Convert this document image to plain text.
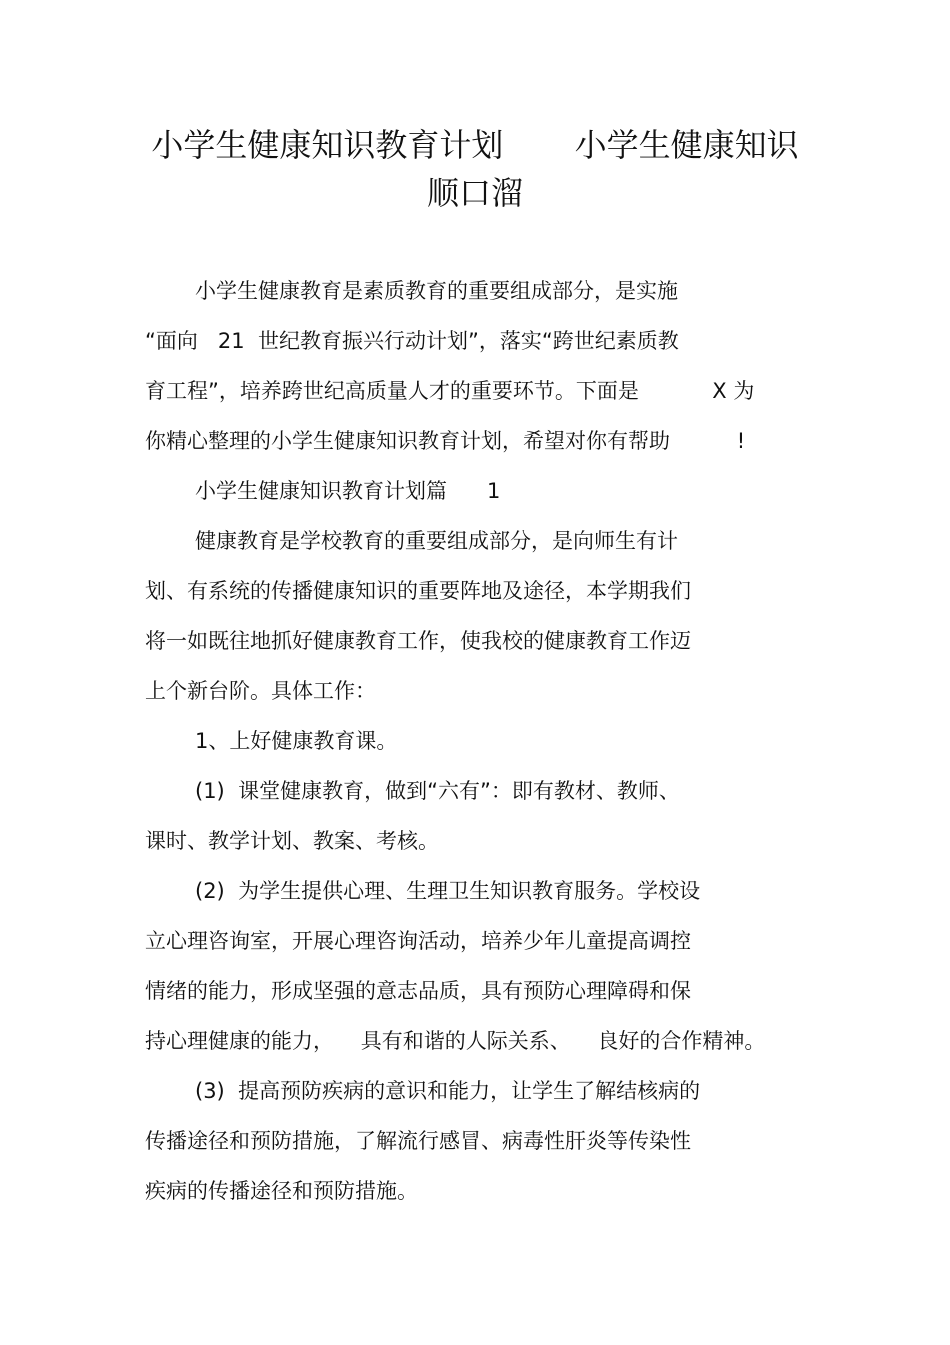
小学生健康知识教育计划       小学生健康知识
顺口溜

小学生健康教育是素质教育的重要组成部分，是实施

“面向   21  世纪教育振兴行动计划”，落实“跨世纪素质教

育工程”，培养跨世纪高质量人才的重要环节。下面是           X 为

你精心整理的小学生健康知识教育计划，希望对你有帮助          !

小学生健康知识教育计划篇      1

健康教育是学校教育的重要组成部分，是向师生有计

划、有系统的传播健康知识的重要阵地及途径，本学期我们

将一如既往地抓好健康教育工作，使我校的健康教育工作迈

上个新台阶。具体工作：

1、上好健康教育课。

(1)  课堂健康教育，做到“六有”：即有教材、教师、

课时、教学计划、教案、考核。

(2)  为学生提供心理、生理卫生知识教育服务。学校设

立心理咨询室，开展心理咨询活动，培养少年儿童提高调控

情绪的能力，形成坚强的意志品质，具有预防心理障碍和保

持心理健康的能力，    具有和谐的人际关系、    良好的合作精神。

(3)  提高预防疾病的意识和能力，让学生了解结核病的

传播途径和预防措施，了解流行感冒、病毒性肝炎等传染性

疾病的传播途径和预防措施。
